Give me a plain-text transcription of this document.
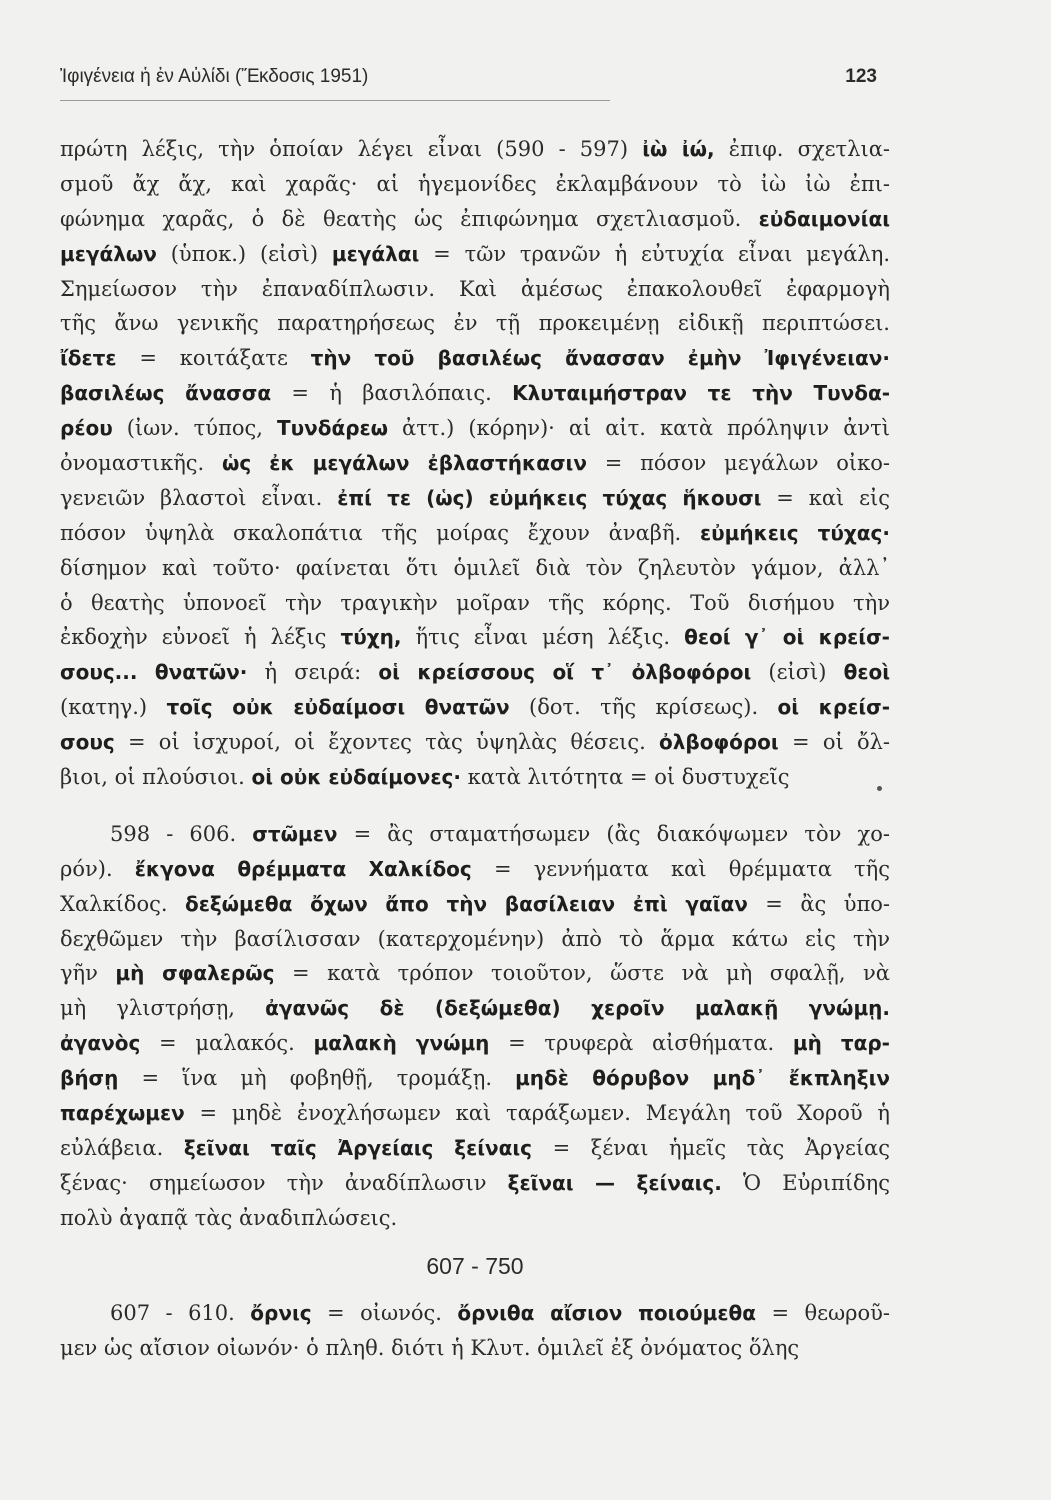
Ἰφιγένεια ἡ ἐν Αὐλίδι (Ἔκδοσις 1951)	123
πρώτη λέξις, τὴν ὁποίαν λέγει εἶναι (590 - 597) ἰὼ ἰώ, ἐπιφ. σχετλια-
σμοῦ ἄχ ἄχ, καὶ χαρᾶς· αἱ ἡγεμονίδες ἐκλαμβάνουν τὸ ἰὼ ἰὼ ἐπι-
φώνημα χαρᾶς, ὁ δὲ θεατὴς ὡς ἐπιφώνημα σχετλιασμοῦ. εὐδαιμονίαι
μεγάλων (ὑποκ.) (εἰσὶ) μεγάλαι = τῶν τρανῶν ἡ εὐτυχία εἶναι μεγάλη.
Σημείωσον τὴν ἐπαναδίπλωσιν. Καὶ ἀμέσως ἐπακολουθεῖ ἐφαρμογὴ
τῆς ἄνω γενικῆς παρατηρήσεως ἐν τῇ προκειμένῃ εἰδικῇ περιπτώσει.
ἴδετε = κοιτάξατε τὴν τοῦ βασιλέως ἄνασσαν ἐμὴν Ἰφιγένειαν·
βασιλέως ἄνασσα = ἡ βασιλόπαις. Κλυταιμήστραν τε τὴν Τυνδα-
ρέου (ἰων. τύπος, Τυνδάρεω ἀττ.) (κόρην)· αἱ αἰτ. κατὰ πρόληψιν ἀντὶ
ὀνομαστικῆς. ὡς ἐκ μεγάλων ἐβλαστήκασιν = πόσον μεγάλων οἰκο-
γενειῶν βλαστοὶ εἶναι. ἐπί τε (ὡς) εὐμήκεις τύχας ἥκουσι = καὶ εἰς
πόσον ὑψηλὰ σκαλοπάτια τῆς μοίρας ἔχουν ἀναβῆ. εὐμήκεις τύχας·
δίσημον καὶ τοῦτο· φαίνεται ὅτι ὁμιλεῖ διὰ τὸν ζηλευτὸν γάμον, ἀλλ᾽
ὁ θεατὴς ὑπονοεῖ τὴν τραγικὴν μοῖραν τῆς κόρης. Τοῦ δισήμου τὴν
ἐκδοχὴν εὐνοεῖ ἡ λέξις τύχη, ἥτις εἶναι μέση λέξις. θεοί γ᾽ οἱ κρείσ-
σους... θνατῶν· ἡ σειρά: οἱ κρείσσους οἵ τ᾽ ὀλβοφόροι (εἰσὶ) θεοὶ
(κατηγ.) τοῖς οὐκ εὐδαίμοσι θνατῶν (δοτ. τῆς κρίσεως). οἱ κρείσ-
σους = οἱ ἰσχυροί, οἱ ἔχοντες τὰς ὑψηλὰς θέσεις. ὀλβοφόροι = οἱ ὄλ-
βιοι, οἱ πλούσιοι. οἱ οὐκ εὐδαίμονες· κατὰ λιτότητα = οἱ δυστυχεῖς
598 - 606. στῶμεν = ἂς σταματήσωμεν (ἂς διακόψωμεν τὸν χο-
ρόν). ἔκγονα θρέμματα Χαλκίδος = γεννήματα καὶ θρέμματα τῆς
Χαλκίδος. δεξώμεθα ὄχων ἄπο τὴν βασίλειαν ἐπὶ γαῖαν = ἂς ὑπο-
δεχθῶμεν τὴν βασίλισσαν (κατερχομένην) ἀπὸ τὸ ἅρμα κάτω εἰς τὴν
γῆν μὴ σφαλερῶς = κατὰ τρόπον τοιοῦτον, ὥστε νὰ μὴ σφαλῇ, νὰ
μὴ γλιστρήσῃ, ἀγανῶς δὲ (δεξώμεθα) χεροῖν μαλακῇ γνώμῃ.
ἀγανὸς = μαλακός. μαλακὴ γνώμη = τρυφερὰ αἰσθήματα. μὴ ταρ-
βήσῃ = ἵνα μὴ φοβηθῇ, τρομάξῃ. μηδὲ θόρυβον μηδ᾽ ἔκπληξιν
παρέχωμεν = μηδὲ ἐνοχλήσωμεν καὶ ταράξωμεν. Μεγάλη τοῦ Χοροῦ ἡ
εὐλάβεια. ξεῖναι ταῖς Ἀργείαις ξείναις = ξέναι ἡμεῖς τὰς Ἀργείας
ξένας· σημείωσον τὴν ἀναδίπλωσιν ξεῖναι — ξείναις. Ὁ Εὐριπίδης
πολὺ ἀγαπᾷ τὰς ἀναδιπλώσεις.
607 - 750
607 - 610. ὄρνις = οἰωνός. ὄρνιθα αἴσιον ποιούμεθα = θεωροῦ-
μεν ὡς αἴσιον οἰωνόν· ὁ πληθ. διότι ἡ Κλυτ. ὁμιλεῖ ἐξ ὀνόματος ὅλης
